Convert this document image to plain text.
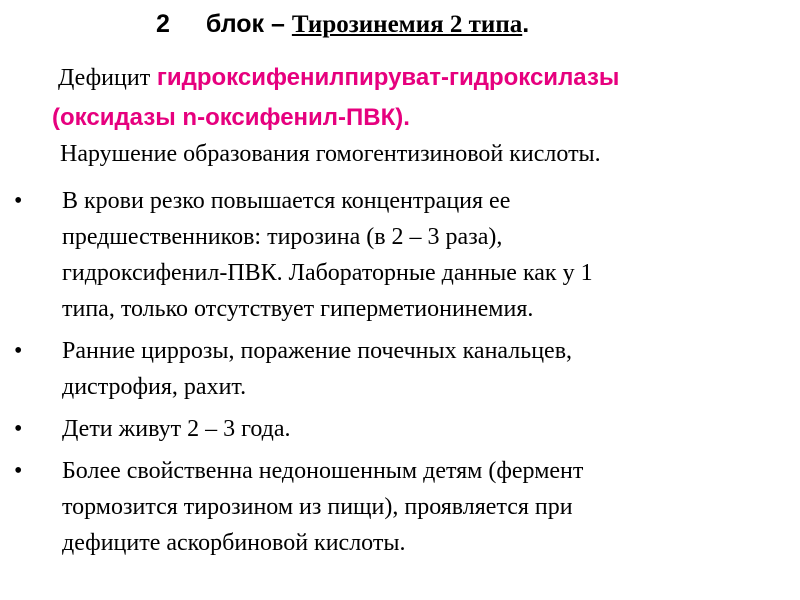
2 блок – Тирозинемия 2 типа.
Дефицит гидроксифенилпируват-гидроксилазы
(оксидазы n-оксифенил-ПВК).
Нарушение образования гомогентизиновой кислоты.
•	В крови резко повышается концентрация ее
предшественников: тирозина (в 2 – 3 раза),
гидроксифенил-ПВК. Лабораторные данные как у 1
типа, только отсутствует гиперметионинемия.
•	Ранние циррозы, поражение почечных канальцев,
дистрофия, рахит.
•	Дети живут 2 – 3 года.
•	Более свойственна недоношенным детям (фермент
тормозится тирозином из пищи), проявляется при
дефиците аскорбиновой кислоты.
